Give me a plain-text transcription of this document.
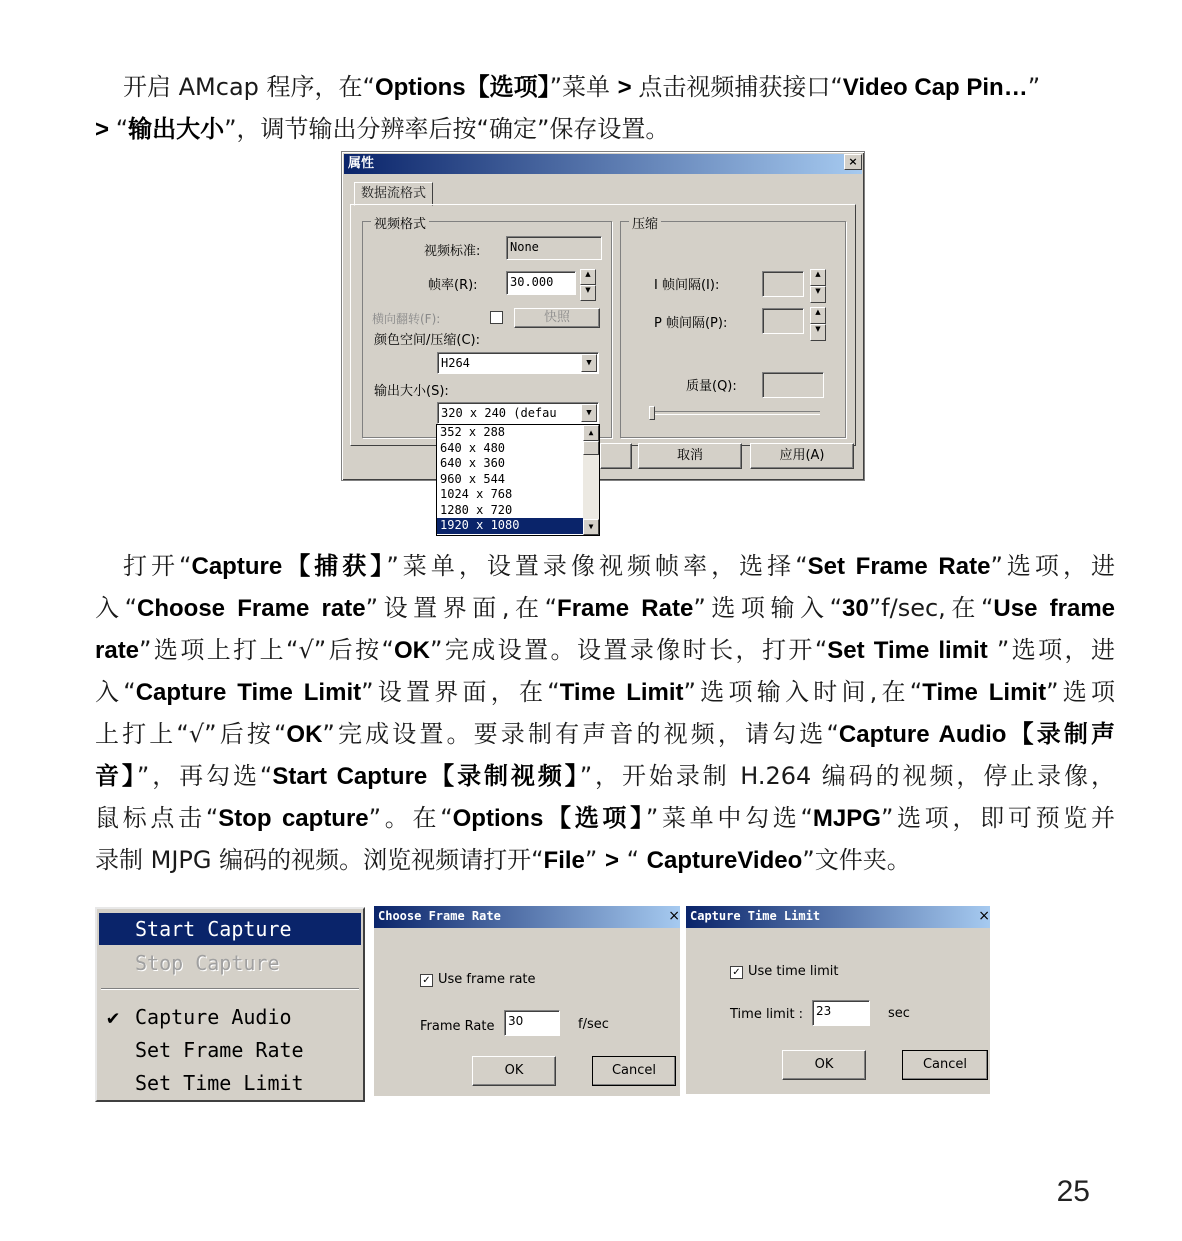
开启 AMcap 程序，在“Options【选项】”菜单 > 点击视频捕获接口“Video Cap Pin…”
> “输出大小”，调节输出分辨率后按“确定”保存设置。
属性	×
数据流格式
视频格式	压缩
视频标准:	None
帧率(R):	30.000
▲
▼
横向翻转(F):	快照
颜色空间/压缩(C):
H264	▼
输出大小(S):
320 x 240 (defau	▼
I 帧间隔(I):
▲
▼
P 帧间隔(P):
▲
▼
质量(Q):
取消	应用(A)
352 x 288
640 x 480
640 x 360
960 x 544
1024 x 768
1280 x 720
1920 x 1080
▲
▼
打开“Capture【捕获】”菜单，设置录像视频帧率，选择“Set Frame Rate”选项，进
入“Choose Frame rate”设置界面,在“Frame Rate”选项输入“30”f/sec,在“Use frame
rate”选项上打上“√”后按“OK”完成设置。设置录像时长，打开“Set Time limit ”选项，进
入“Capture Time Limit”设置界面，在“Time Limit”选项输入时间,在“Time Limit”选项
上打上“√”后按“OK”完成设置。要录制有声音的视频，请勾选“Capture Audio【录制声
音】”，再勾选“Start Capture【录制视频】”，开始录制 H.264 编码的视频，停止录像，
鼠标点击“Stop capture”。在“Options【选项】”菜单中勾选“MJPG”选项，即可预览并
录制 MJPG 编码的视频。浏览视频请打开“File” > “ CaptureVideo”文件夹。
Start Capture
Stop Capture
✔ Capture Audio
Set Frame Rate
Set Time Limit
Choose Frame Rate	×
✓ Use frame rate
Frame Rate	30	f/sec
OK	Cancel
Capture Time Limit	×
✓ Use time limit
Time limit :	23	sec
OK	Cancel
25
